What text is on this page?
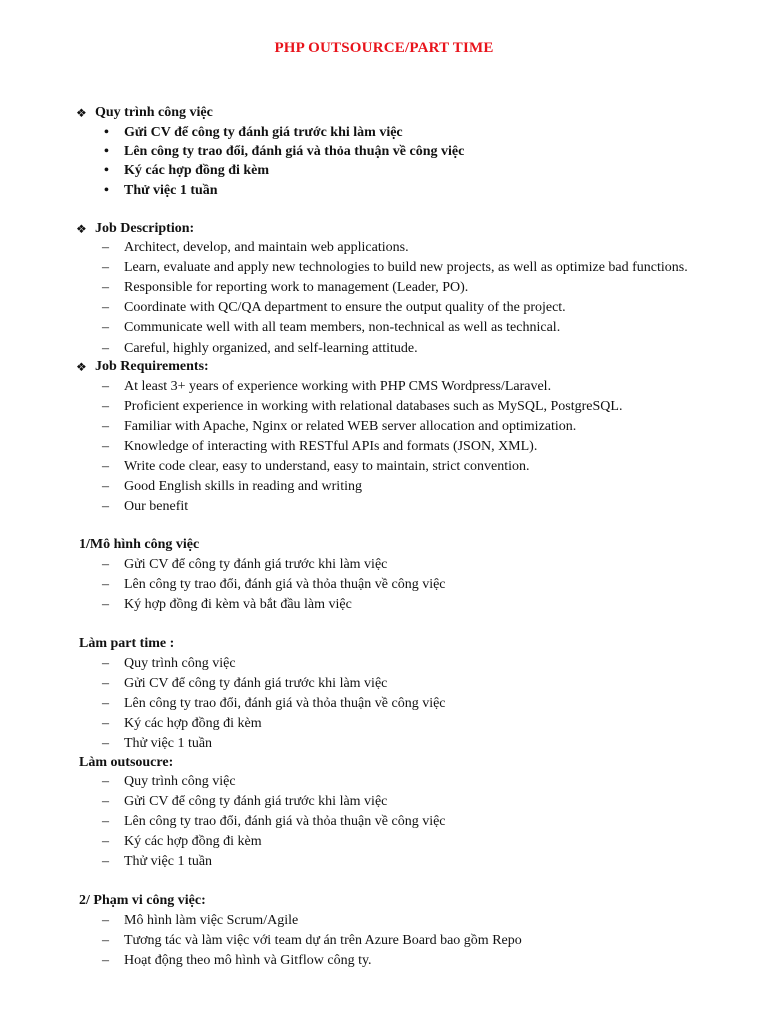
PHP OUTSOURCE/PART TIME
❖ Quy trình công việc
• Gửi CV để công ty đánh giá trước khi làm việc
• Lên công ty trao đổi, đánh giá và thỏa thuận về công việc
• Ký các hợp đồng đi kèm
• Thử việc 1 tuần
❖ Job Description:
– Architect, develop, and maintain web applications.
– Learn, evaluate and apply new technologies to build new projects, as well as optimize bad functions.
– Responsible for reporting work to management (Leader, PO).
– Coordinate with QC/QA department to ensure the output quality of the project.
– Communicate well with all team members, non-technical as well as technical.
– Careful, highly organized, and self-learning attitude.
❖ Job Requirements:
– At least 3+ years of experience working with PHP CMS Wordpress/Laravel.
– Proficient experience in working with relational databases such as MySQL, PostgreSQL.
– Familiar with Apache, Nginx or related WEB server allocation and optimization.
– Knowledge of interacting with RESTful APIs and formats (JSON, XML).
– Write code clear, easy to understand, easy to maintain, strict convention.
– Good English skills in reading and writing
– Our benefit
1/Mô hình công việc
– Gửi CV để công ty đánh giá trước khi làm việc
– Lên công ty trao đổi, đánh giá và thỏa thuận về công việc
– Ký hợp đồng đi kèm và bắt đầu làm việc
Làm part time :
– Quy trình công việc
– Gửi CV để công ty đánh giá trước khi làm việc
– Lên công ty trao đổi, đánh giá và thỏa thuận về công việc
– Ký các hợp đồng đi kèm
– Thử việc 1 tuần
Làm outsoucre:
– Quy trình công việc
– Gửi CV để công ty đánh giá trước khi làm việc
– Lên công ty trao đổi, đánh giá và thỏa thuận về công việc
– Ký các hợp đồng đi kèm
– Thử việc 1 tuần
2/ Phạm vi công việc:
– Mô hình làm việc Scrum/Agile
– Tương tác và làm việc với team dự án trên Azure Board bao gồm Repo
– Hoạt động theo mô hình và Gitflow công ty.
